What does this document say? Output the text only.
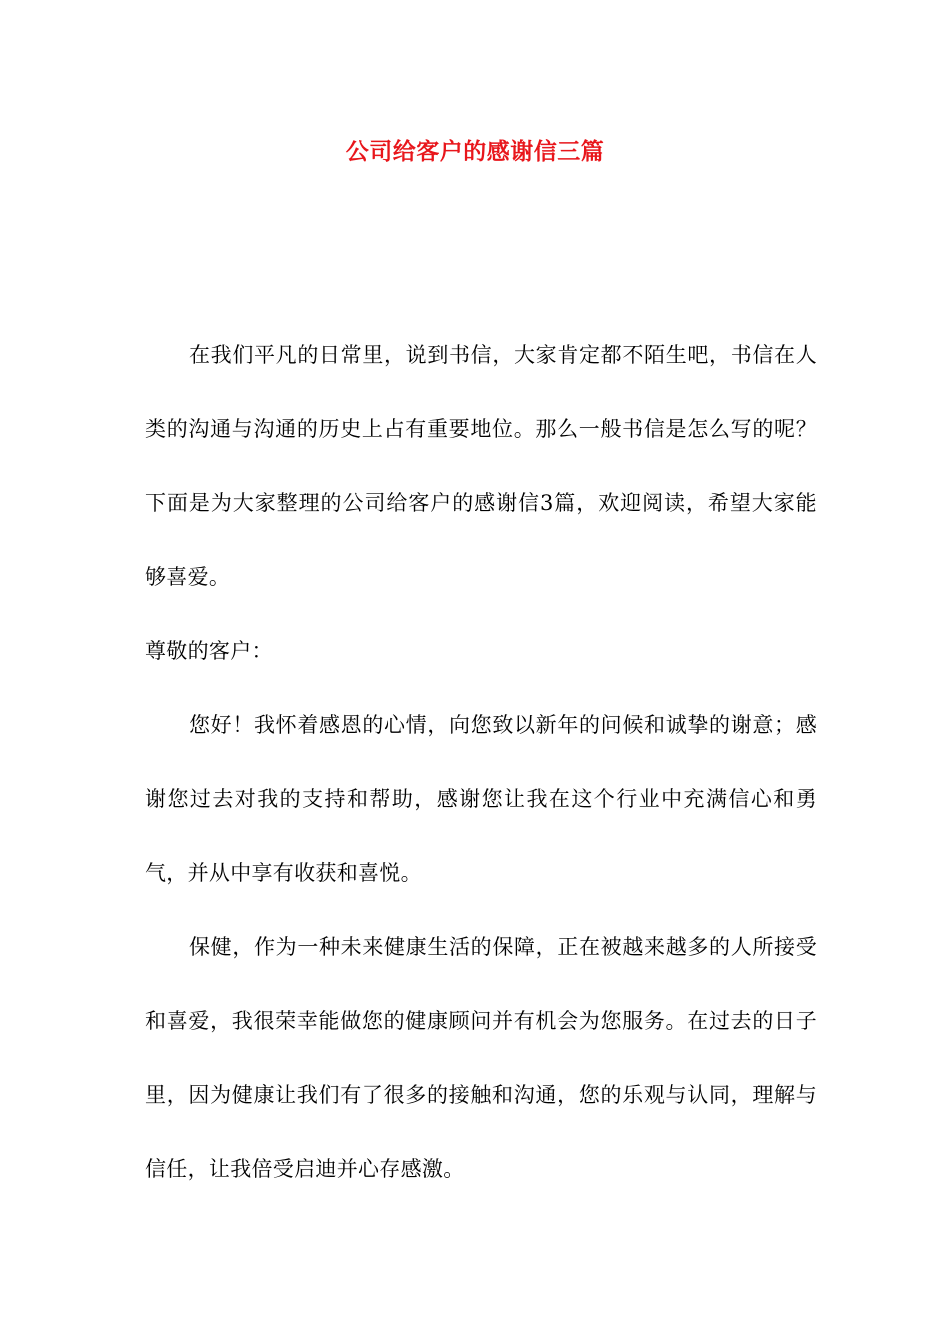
公司给客户的感谢信三篇

在我们平凡的日常里，说到书信，大家肯定都不陌生吧，书信在人类的沟通与沟通的历史上占有重要地位。那么一般书信是怎么写的呢？下面是为大家整理的公司给客户的感谢信3篇，欢迎阅读，希望大家能够喜爱。

尊敬的客户：

您好！我怀着感恩的心情，向您致以新年的问候和诚挚的谢意；感谢您过去对我的支持和帮助，感谢您让我在这个行业中充满信心和勇气，并从中享有收获和喜悦。

保健，作为一种未来健康生活的保障，正在被越来越多的人所接受和喜爱，我很荣幸能做您的健康顾问并有机会为您服务。在过去的日子里，因为健康让我们有了很多的接触和沟通，您的乐观与认同，理解与信任，让我倍受启迪并心存感激。
